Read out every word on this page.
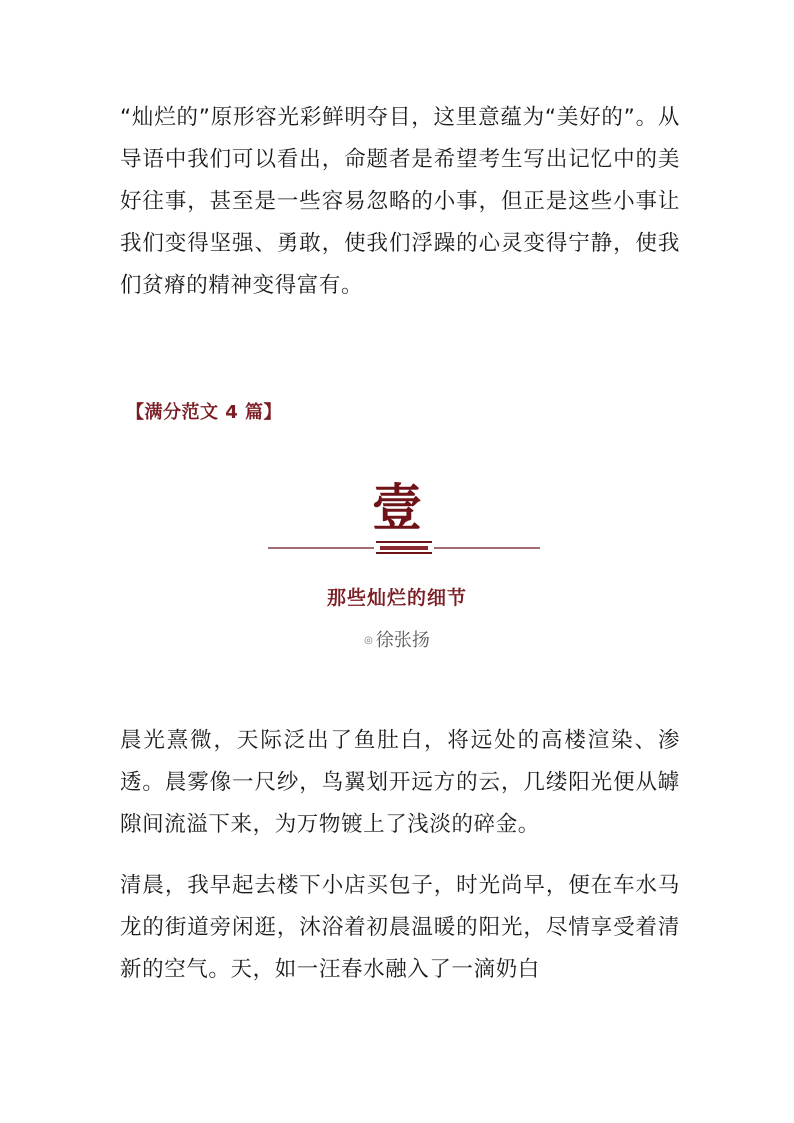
“灿烂的”原形容光彩鲜明夺目，这里意蕴为“美好的”。从导语中我们可以看出，命题者是希望考生写出记忆中的美好往事，甚至是一些容易忽略的小事，但正是这些小事让我们变得坚强、勇敢，使我们浮躁的心灵变得宁静，使我们贫瘠的精神变得富有。

【满分范文 4 篇】

壹
那些灿烂的细节
◎ 徐张扬

晨光熹微，天际泛出了鱼肚白，将远处的高楼渲染、渗透。晨雾像一尺纱，鸟翼划开远方的云，几缕阳光便从罅隙间流溢下来，为万物镀上了浅淡的碎金。

清晨，我早起去楼下小店买包子，时光尚早，便在车水马龙的街道旁闲逛，沐浴着初晨温暖的阳光，尽情享受着清新的空气。天，如一汪春水融入了一滴奶白
